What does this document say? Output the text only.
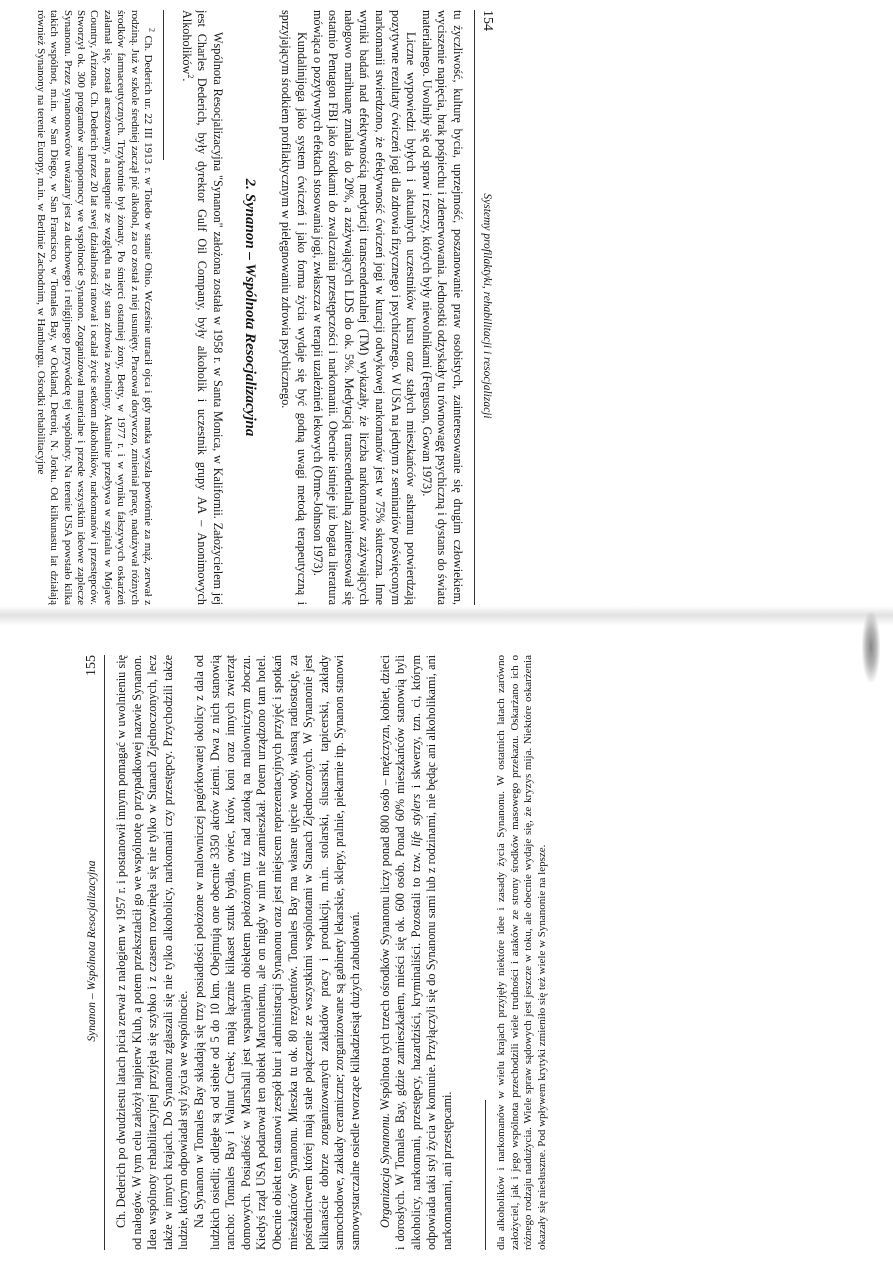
154
Systemy profilaktyki, rehabilitacji i resocjalizacji

tu życzliwość, kulturę bycia, uprzejmość, poszanowanie praw osobistych, zainteresowanie się drugim człowiekiem, wyciszenie napięcia, brak pośpiechu i zdenerwowania. Jednostki odzyskały tu równowagę psychiczną i dystans do świata materialnego. Uwolniły się od spraw i rzeczy, których były niewolnikami (Ferguson, Gowan 1973).

Liczne wypowiedzi byłych i aktualnych uczestników kursu oraz stałych mieszkańców ashramu potwierdzają pozytywne rezultaty ćwiczeń jogi dla zdrowia fizycznego i psychicznego. W USA na jednym z seminariów poświęconym narkomanii stwierdzono, że efektywność ćwiczeń jogi w kuracji odwykowej narkomanów jest w 75% skuteczna. Inne wyniki badań nad efektywnością medytacji transcendentalnej (TM) wykazały, że liczba narkomanów zażywających nałogowo marihuanę zmalała do 20%, a zażywających LDS do ok. 5%. Medytacją transcendentalną zainteresował się ostatnio Pentagon FBI jako środkami do zwalczania przestępczości i narkomanii. Obecnie istnieje już bogata literatura mówiąca o pozytywnych efektach stosowania jogi, zwłaszcza w terapii uzależnień lekowych (Orme-Johnson 1973).

Kundalinijoga jako system ćwiczeń i jako forma życia wydaje się być godną uwagi metodą terapeutyczną i sprzyjającym środkiem profilaktycznym w pielęgnowaniu zdrowia psychicznego.

2. Synanon – Wspólnota Resocjalizacyjna

Wspólnota Resocjalizacyjna "Synanon" założona została w 1958 r. w Santa Monica, w Kalifornii. Założycielem jej jest Charles Dederich, były dyrektor Gulf Oil Company, były alkoholik i uczestnik grupy AA – Anonimowych Alkoholików$^2$.

$^2$ Ch. Dederich ur. 22 III 1913 r. w Toledo w stanie Ohio. Wcześnie utracił ojca i gdy matka wyszła powtórnie za mąż, zerwał z rodziną. Już w szkole średniej zaczął pić alkohol, za co został z niej usunięty. Pracował dorywczo, zmieniał pracę, nadużywał różnych środków farmaceutycznych. Trzykrotnie był żonaty. Po śmierci ostatniej żony, Betty, w 1977 r. i w wyniku fałszywych oskarżeń załamał się, został aresztowany, a następnie ze względu na zły stan zdrowia zwolniony. Aktualnie przebywa w szpitalu w Mojave Country, Arizona. Ch. Dederich przez 20 lat swej działalności ratował i ocalał życie setkom alkoholików, narkomanów i przestępców. Stworzył ok. 300 programów samopomocy we wspólnocie Synanon. Zorganizował materialne i przede wszystkim ideowe zaplecze Synanonu. Przez synanonowców uważany jest za duchowego i religijnego przywódcę tej wspólnoty. Na terenie USA powstało kilka takich wspólnot, m.in. w San Diego, w San Francisco, w Tomales Bay, w Ockland, Detroit, N. Jorku. Od kilkunastu lat działają również Synanony na terenie Europy, m.in. w Berlinie Zachodnim, w Hamburgu. Ośrodki rehabilitacyjne

Synanon – Wspólnota Resocjalizacyjna
155 Ch. Dederich po dwudziestu latach picia zerwał z nałogiem w 1957 r. i postanowił innym pomagać w uwolnieniu się od nałogów. W tym celu założył najpierw Klub, a potem przekształcił go we wspólnotę o przypadkowej nazwie Synanon. Idea wspólnoty rehabilitacyjnej przyjęła się szybko i z czasem rozwinęła się nie tylko w Stanach Zjednoczonych, lecz także w innych krajach. Do Synanonu zgłaszali się nie tylko alkoholicy, narkomani czy przestępcy. Przychodzili także ludzie, którym odpowiadał styl życia we wspólnocie. Na Synanon w Tomales Bay składają się trzy posiadłości położone w malowniczej pagórkowatej okolicy z dala od ludzkich osiedli; odległe są od siebie od 5 do 10 km. Obejmują one obecnie 3350 akrów ziemi. Dwa z nich stanowią rancho: Tomales Bay i Walnut Creek; mają łącznie kilkaset sztuk bydła, owiec, krów, koni oraz innych zwierząt domowych. Posiadłość w Marshall jest wspaniałym obiektem położonym tuż nad zatoką na malowniczym zboczu. Kiedyś rząd USA podarował ten obiekt Marconiemu, ale on nigdy w nim nie zamieszkał. Potem urządzono tam hotel. Obecnie obiekt ten stanowi zespół biur i administracji Synanonu oraz jest miejscem reprezentacyjnych przyjęć i spotkań mieszkańców Synanonu. Mieszka tu ok. 80 rezydentów. Tomales Bay ma własne ujęcie wody, własną radiostację, za pośrednictwem której mają stałe połączenie ze wszystkimi wspólnotami w Stanach Zjednoczonych. W Synanonie jest kilkanaście dobrze zorganizowanych zakładów pracy i produkcji, m.in. stolarski, ślusarski, tapicerski, zakłady samochodowe, zakłady ceramiczne; zorganizowane są gabinety lekarskie, sklepy, pralnie, piekarnie itp. Synanon stanowi samowystarczalne osiedle tworzące kilkadziesiąt dużych zabudowań. Organizacja Synanonu. Wspólnota tych trzech ośrodków Synanonu liczy ponad 800 osób – mężczyzn, kobiet, dzieci i dorosłych. W Tomales Bay, gdzie zamieszkałem, mieści się ok. 600 osób. Ponad 60% mieszkańców stanowią byli alkoholicy, narkomani, przestępcy, hazardziści, kryminaliści. Pozostali to tzw. life stylers i skwerzy, tzn. ci, którym odpowiada taki styl życia w komunie. Przyłączyli się do Synanonu sami lub z rodzinami, nie będąc ani alkoholikami, ani narkomanami, ani przestępcami.	dla alkoholików i narkomanów w wielu krajach przyjęły niektóre idee i zasady życia Synanonu. W ostatnich latach zarówno założyciel, jak i jego wspólnota przechodzili wiele trudności i ataków ze strony środków masowego przekazu. Oskarżano ich o różnego rodzaju nadużycia. Wiele spraw sądowych jest jeszcze w toku, ale obecnie wydaje się, że kryzys mija. Niektóre oskarżenia okazały się niesłuszne. Pod wpływem krytyki zmieniło się też wiele w Synanonie na lepsze.
